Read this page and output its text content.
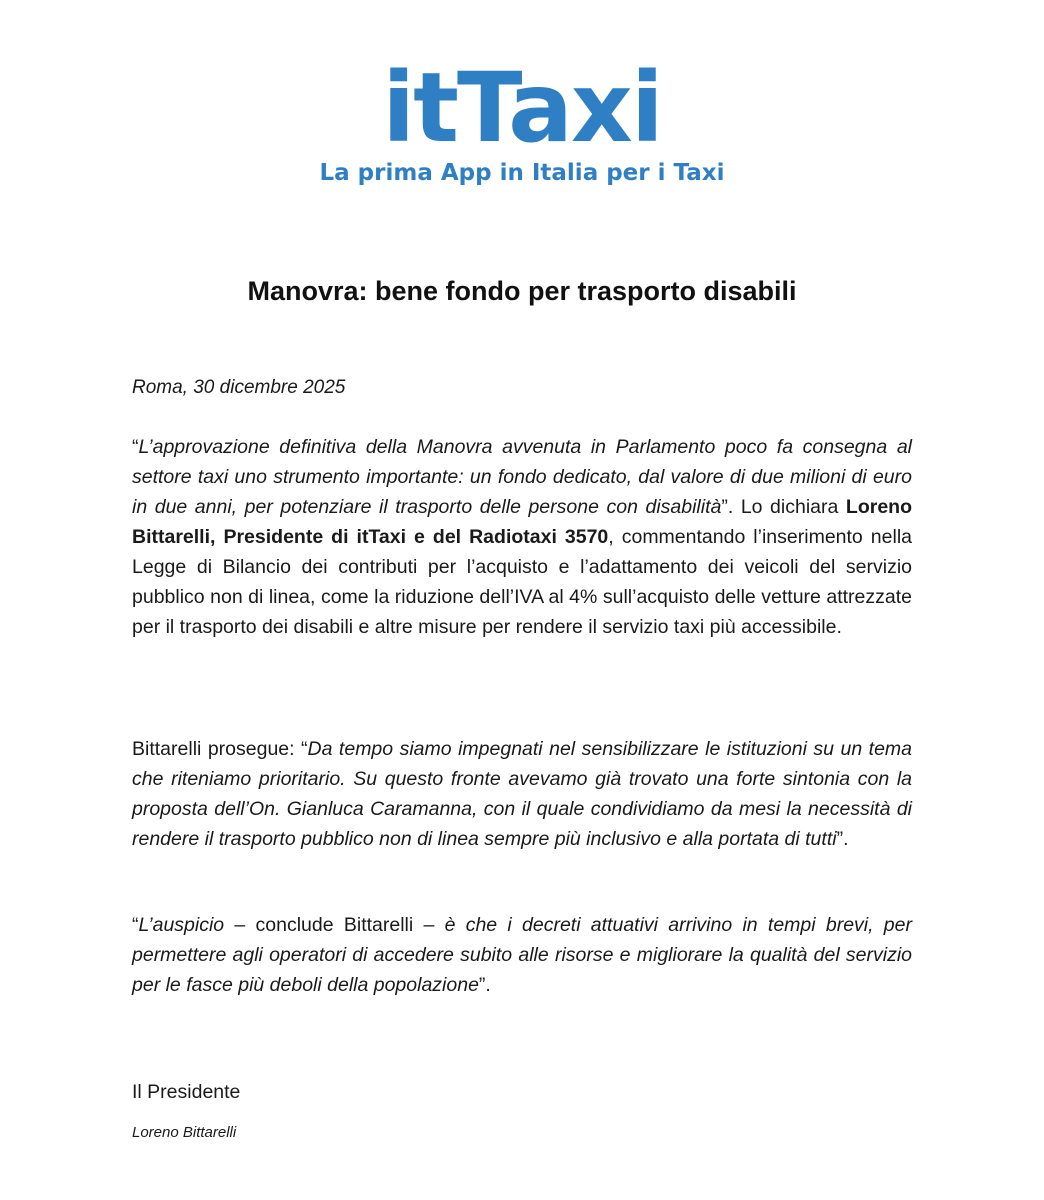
itTaxi
La prima App in Italia per i Taxi
Manovra: bene fondo per trasporto disabili
Roma, 30 dicembre 2025
“L’approvazione definitiva della Manovra avvenuta in Parlamento poco fa consegna al settore taxi uno strumento importante: un fondo dedicato, dal valore di due milioni di euro in due anni, per potenziare il trasporto delle persone con disabilità”. Lo dichiara Loreno Bittarelli, Presidente di itTaxi e del Radiotaxi 3570, commentando l’inserimento nella Legge di Bilancio dei contributi per l’acquisto e l’adattamento dei veicoli del servizio pubblico non di linea, come la riduzione dell’IVA al 4% sull’acquisto delle vetture attrezzate per il trasporto dei disabili e altre misure per rendere il servizio taxi più accessibile.
Bittarelli prosegue: “Da tempo siamo impegnati nel sensibilizzare le istituzioni su un tema che riteniamo prioritario. Su questo fronte avevamo già trovato una forte sintonia con la proposta dell’On. Gianluca Caramanna, con il quale condividiamo da mesi la necessità di rendere il trasporto pubblico non di linea sempre più inclusivo e alla portata di tutti”.
“L’auspicio – conclude Bittarelli – è che i decreti attuativi arrivino in tempi brevi, per permettere agli operatori di accedere subito alle risorse e migliorare la qualità del servizio per le fasce più deboli della popolazione”.
Il Presidente
Loreno Bittarelli
